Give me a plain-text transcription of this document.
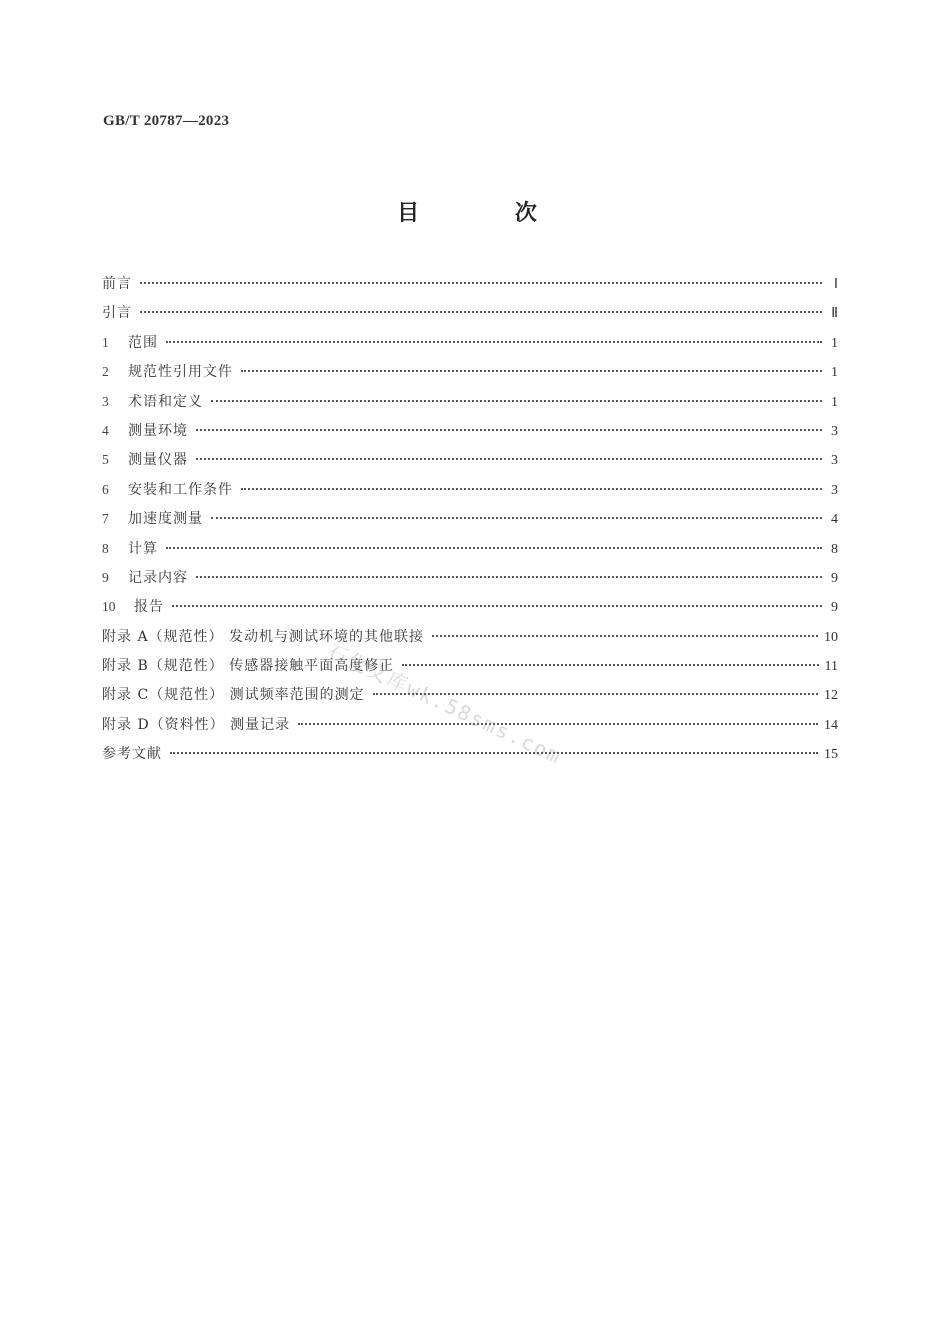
GB/T 20787—2023
目 次
前言	Ⅰ
引言	Ⅱ
1	范围	1
2	规范性引用文件	1
3	术语和定义	1
4	测量环境	3
5	测量仪器	3
6	安装和工作条件	3
7	加速度测量	4
8	计算	8
9	记录内容	9
10	报告	9
附录 A（规范性） 发动机与测试环境的其他联接	10
附录 B（规范性） 传感器接触平面高度修正	11
附录 C（规范性） 测试频率范围的测定	12
附录 D（资料性） 测量记录	14
参考文献	15
石化文库wk.58sms.com
